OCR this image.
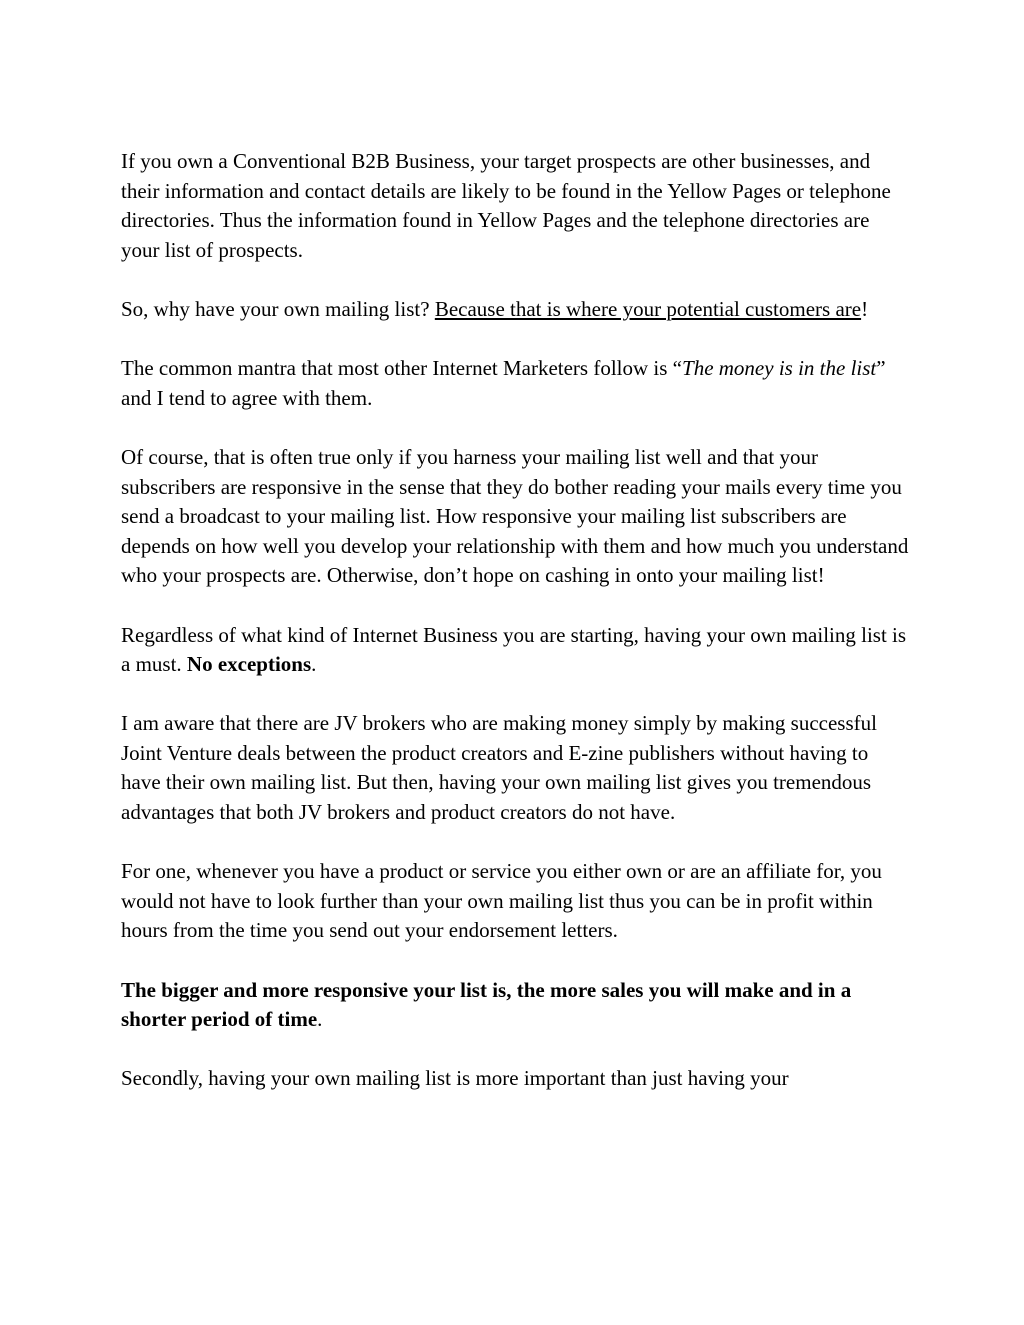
If you own a Conventional B2B Business, your target prospects are other businesses, and their information and contact details are likely to be found in the Yellow Pages or telephone directories. Thus the information found in Yellow Pages and the telephone directories are your list of prospects.

So, why have your own mailing list? Because that is where your potential customers are!

The common mantra that most other Internet Marketers follow is “The money is in the list” and I tend to agree with them.

Of course, that is often true only if you harness your mailing list well and that your subscribers are responsive in the sense that they do bother reading your mails every time you send a broadcast to your mailing list. How responsive your mailing list subscribers are depends on how well you develop your relationship with them and how much you understand who your prospects are. Otherwise, don’t hope on cashing in onto your mailing list!

Regardless of what kind of Internet Business you are starting, having your own mailing list is a must. No exceptions.

I am aware that there are JV brokers who are making money simply by making successful Joint Venture deals between the product creators and E-zine publishers without having to have their own mailing list. But then, having your own mailing list gives you tremendous advantages that both JV brokers and product creators do not have.

For one, whenever you have a product or service you either own or are an affiliate for, you would not have to look further than your own mailing list thus you can be in profit within hours from the time you send out your endorsement letters.

The bigger and more responsive your list is, the more sales you will make and in a shorter period of time.

Secondly, having your own mailing list is more important than just having your
